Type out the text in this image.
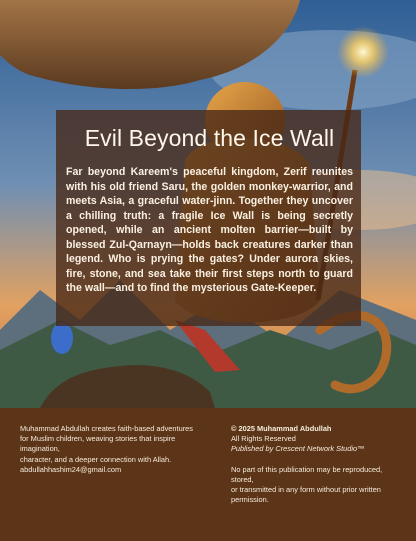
Evil Beyond the Ice Wall

Far beyond Kareem's peaceful kingdom, Zerif reunites with his old friend Saru, the golden monkey-warrior, and meets Asia, a graceful water-jinn. Together they uncover a chilling truth: a fragile Ice Wall is being secretly opened, while an ancient molten barrier—built by blessed Zul-Qarnayn—holds back creatures darker than legend. Who is prying the gates? Under aurora skies, fire, stone, and sea take their first steps north to guard the wall—and to find the mysterious Gate-Keeper.

Muhammad Abdullah creates faith-based adventures

for Muslim children, weaving stories that inspire

imagination,

character, and a deeper connection with Allah.

abdullahhashim24@gmail.com

© 2025 Muhammad Abdullah

All Rights Reserved

Published by Crescent Network Studio™

No part of this publication may be reproduced,

stored,

or transmitted in any form without prior written

permission.
